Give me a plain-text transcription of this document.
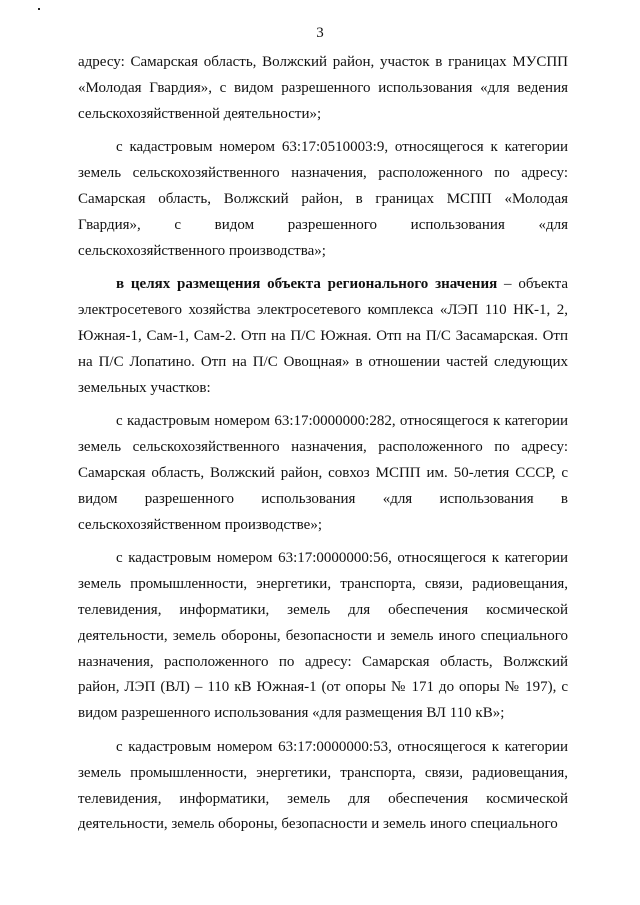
3

адресу: Самарская область, Волжский район, участок в границах МУСПП «Молодая Гвардия», с видом разрешенного использования «для ведения сельскохозяйственной деятельности»;

с кадастровым номером 63:17:0510003:9, относящегося к категории земель сельскохозяйственного назначения, расположенного по адресу: Самарская область, Волжский район, в границах МСПП «Молодая Гвардия», с видом разрешенного использования «для сельскохозяйственного производства»;

в целях размещения объекта регионального значения – объекта электросетевого хозяйства электросетевого комплекса «ЛЭП 110 НК-1, 2, Южная-1, Сам-1, Сам-2. Отп на П/С Южная. Отп на П/С Засамарская. Отп на П/С Лопатино. Отп на П/С Овощная» в отношении частей следующих земельных участков:

с кадастровым номером 63:17:0000000:282, относящегося к категории земель сельскохозяйственного назначения, расположенного по адресу: Самарская область, Волжский район, совхоз МСПП им. 50-летия СССР, с видом разрешенного использования «для использования в сельскохозяйственном производстве»;

с кадастровым номером 63:17:0000000:56, относящегося к категории земель промышленности, энергетики, транспорта, связи, радиовещания, телевидения, информатики, земель для обеспечения космической деятельности, земель обороны, безопасности и земель иного специального назначения, расположенного по адресу: Самарская область, Волжский район, ЛЭП (ВЛ) – 110 кВ Южная-1 (от опоры № 171 до опоры № 197), с видом разрешенного использования «для размещения ВЛ 110 кВ»;

с кадастровым номером 63:17:0000000:53, относящегося к категории земель промышленности, энергетики, транспорта, связи, радиовещания, телевидения, информатики, земель для обеспечения космической деятельности, земель обороны, безопасности и земель иного специального
